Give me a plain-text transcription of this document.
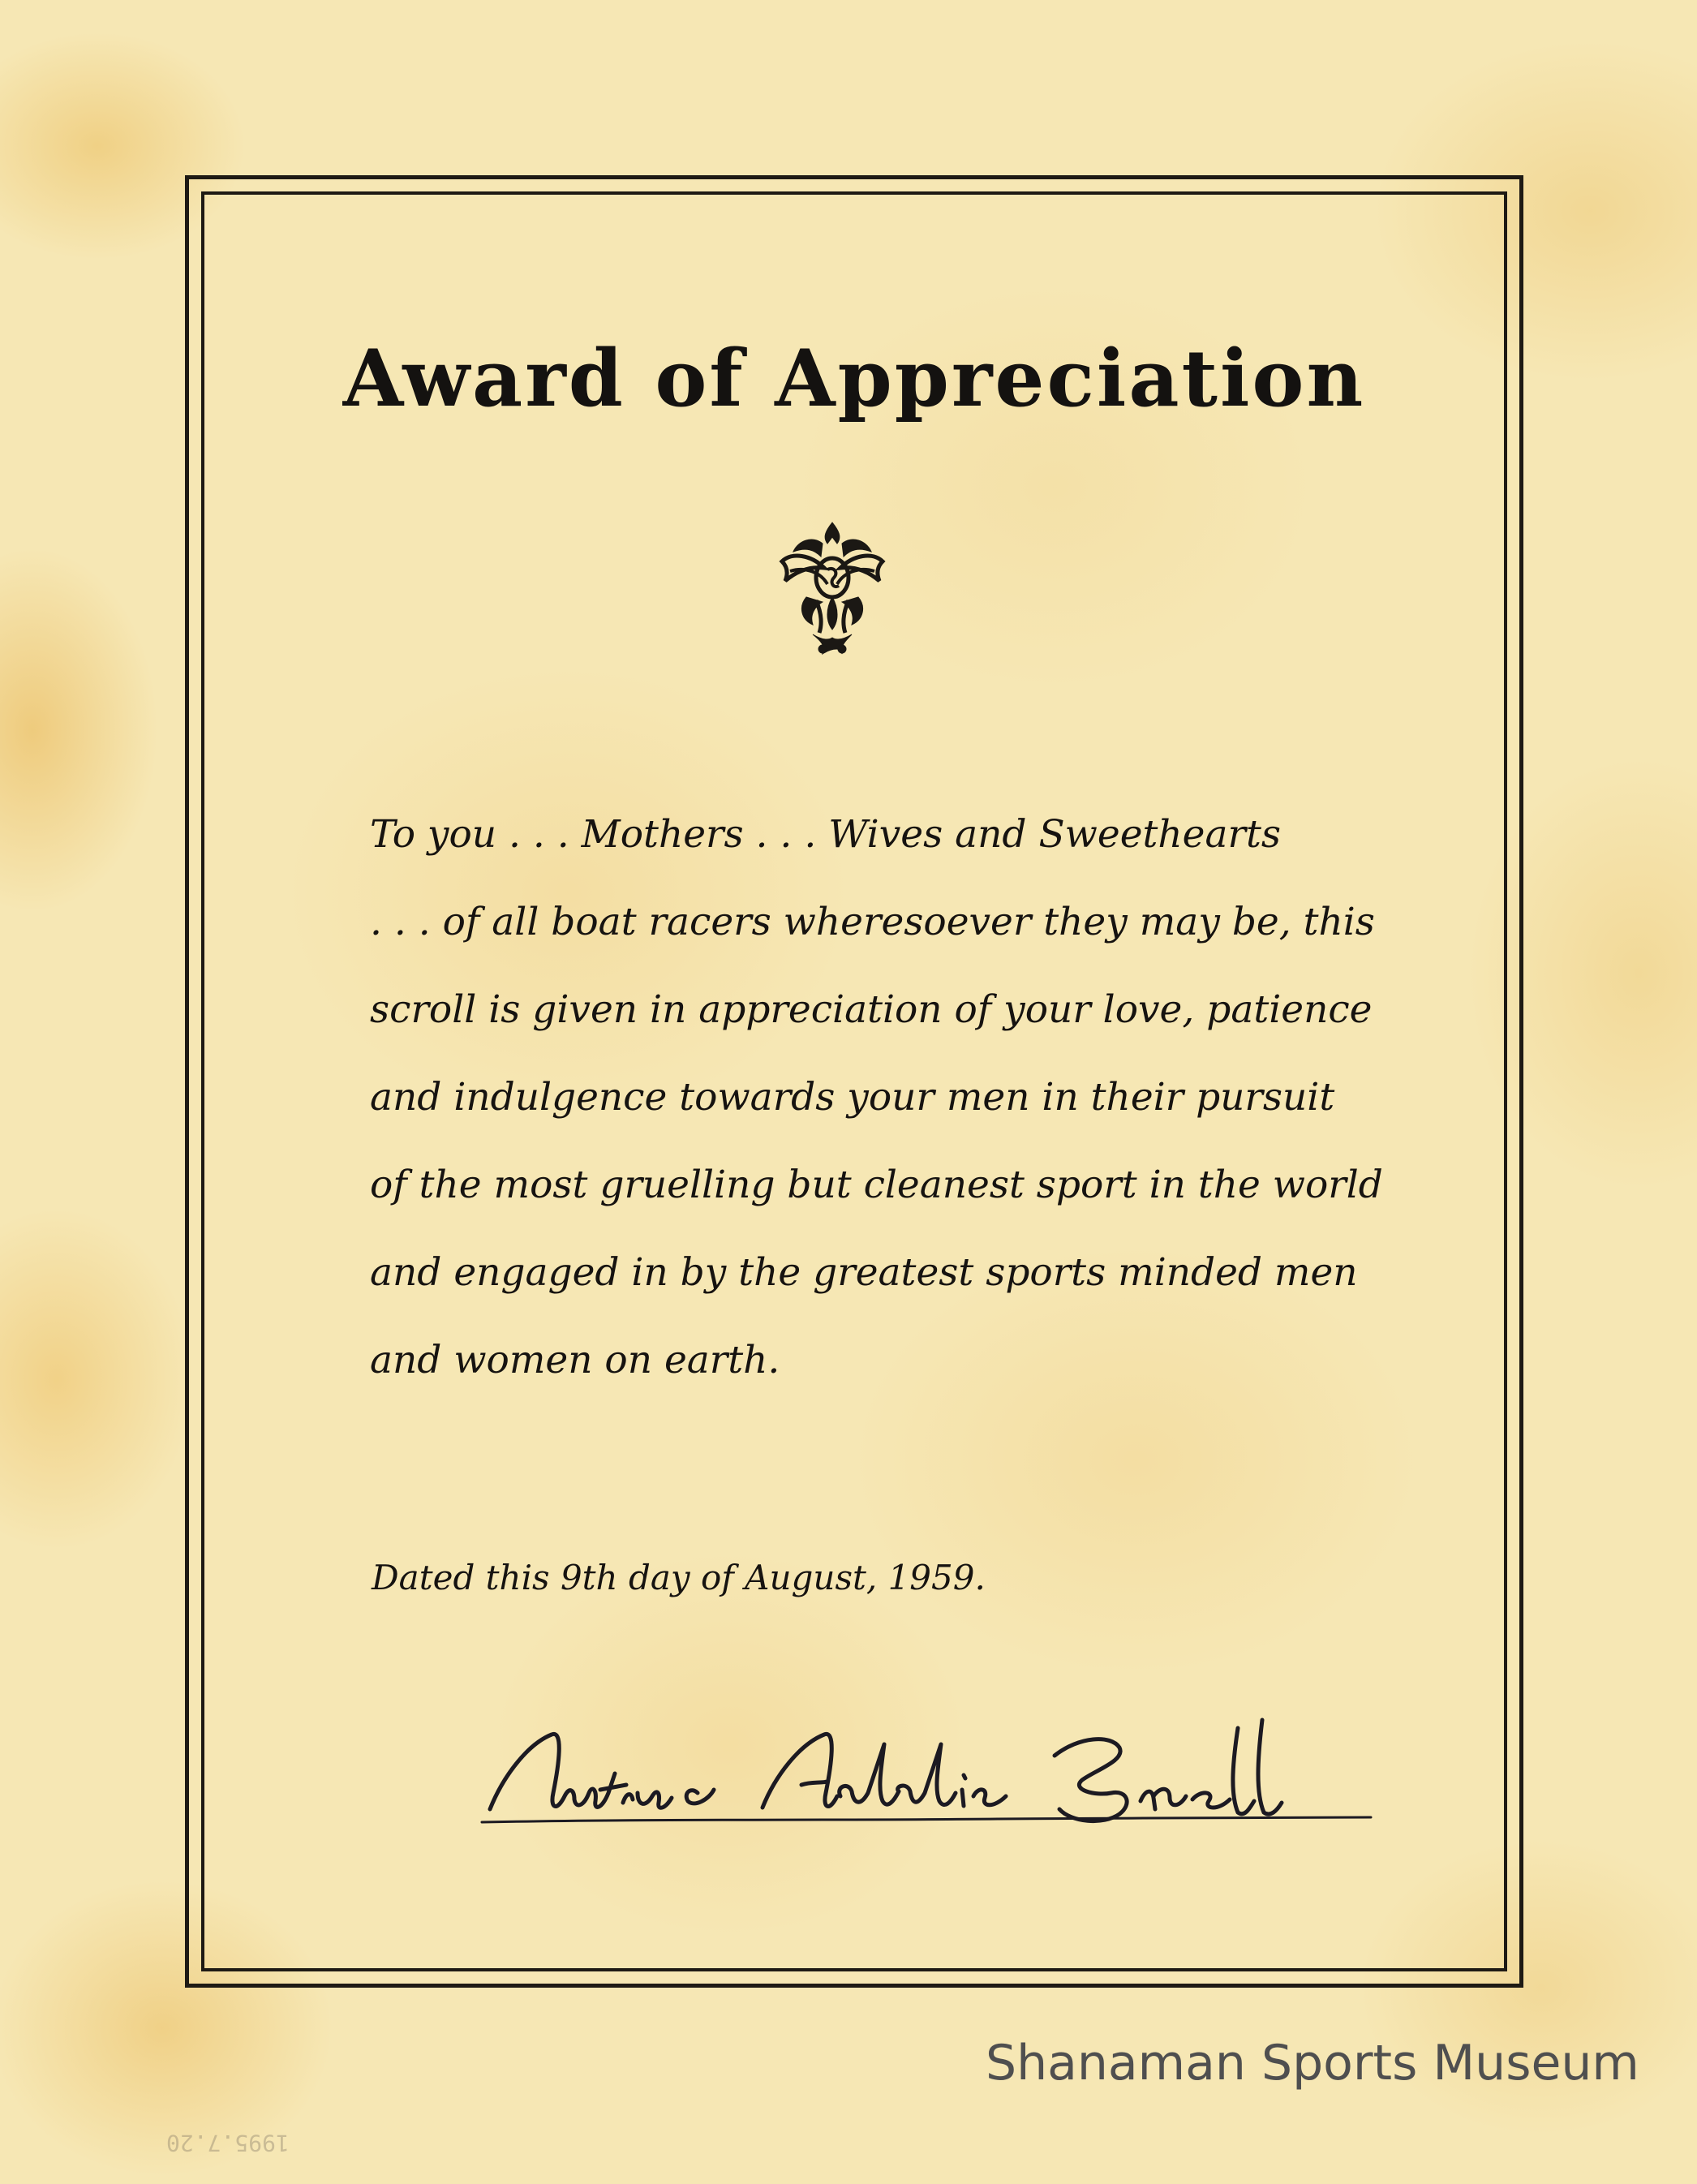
Award of Appreciation

To you . . . Mothers . . . Wives and Sweethearts
. . . of all boat racers wheresoever they may be, this
scroll is given in appreciation of your love, patience
and indulgence towards your men in their pursuit
of the most gruelling but cleanest sport in the world
and engaged in by the greatest sports minded men
and women on earth.

Dated this 9th day of August, 1959.
1995.7.20
Shanaman Sports Museum
